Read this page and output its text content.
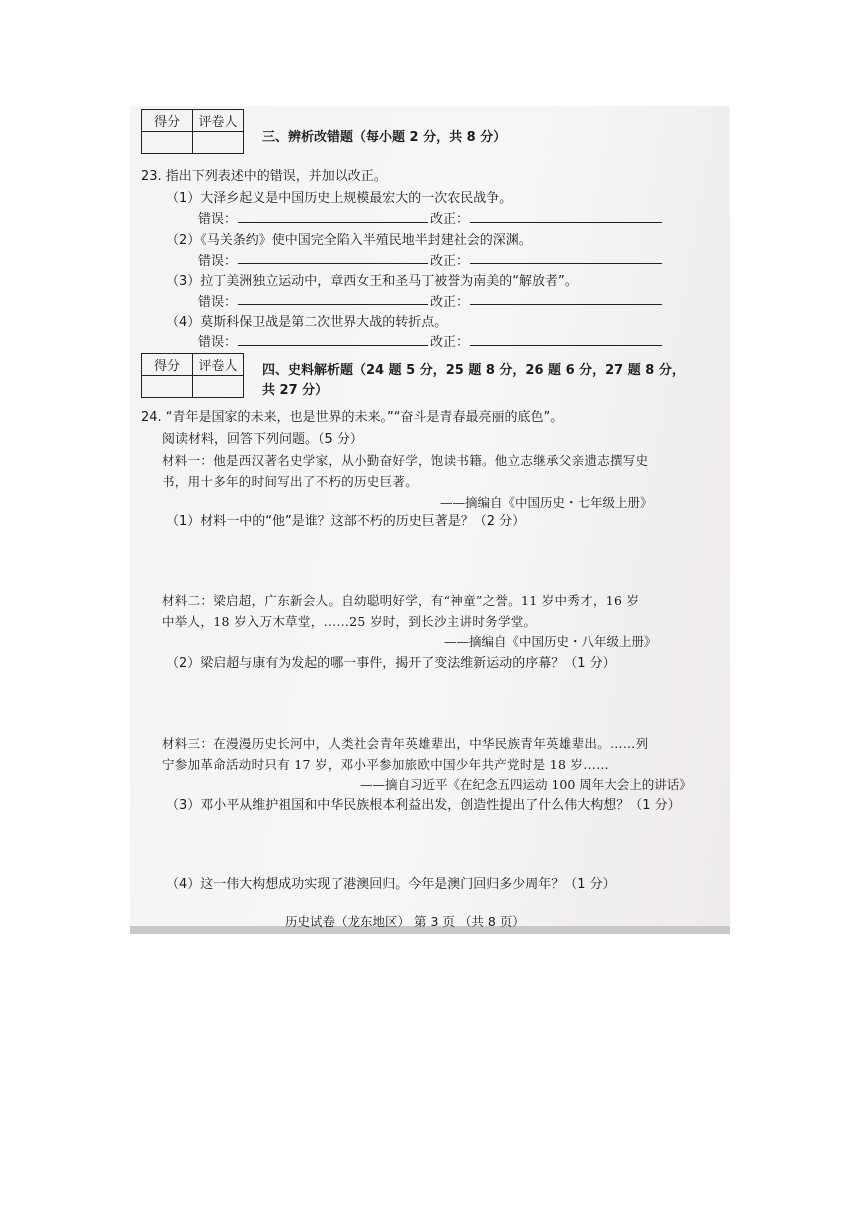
得分	评卷人

三、辨析改错题（每小题 2 分，共 8 分）
23. 指出下列表述中的错误，并加以改正。
（1）大泽乡起义是中国历史上规模最宏大的一次农民战争。
错误：	改正：
（2）《马关条约》使中国完全陷入半殖民地半封建社会的深渊。
错误：	改正：
（3）拉丁美洲独立运动中，章西女王和圣马丁被誉为南美的“解放者”。
错误：	改正：
（4）莫斯科保卫战是第二次世界大战的转折点。
错误：	改正：
得分	评卷人
	四、史料解析题（24 题 5 分，25 题 8 分，26 题 6 分，27 题 8 分，
共 27 分）
24. “青年是国家的未来，也是世界的未来。”“奋斗是青春最亮丽的底色”。
阅读材料，回答下列问题。（5 分）
材料一：他是西汉著名史学家，从小勤奋好学，饱读书籍。他立志继承父亲遗志撰写史
书，用十多年的时间写出了不朽的历史巨著。
——摘编自《中国历史・七年级上册》
（1）材料一中的“他”是谁？这部不朽的历史巨著是？（2 分）
材料二：梁启超，广东新会人。自幼聪明好学，有“神童”之誉。11 岁中秀才，16 岁
中举人，18 岁入万木草堂，……25 岁时，到长沙主讲时务学堂。
——摘编自《中国历史・八年级上册》
（2）梁启超与康有为发起的哪一事件，揭开了变法维新运动的序幕？（1 分）
材料三：在漫漫历史长河中，人类社会青年英雄辈出，中华民族青年英雄辈出。……列
宁参加革命活动时只有 17 岁，邓小平参加旅欧中国少年共产党时是 18 岁……
——摘自习近平《在纪念五四运动 100 周年大会上的讲话》
（3）邓小平从维护祖国和中华民族根本利益出发，创造性提出了什么伟大构想？（1 分）
（4）这一伟大构想成功实现了港澳回归。今年是澳门回归多少周年？（1 分）
历史试卷（龙东地区） 第 3 页 （共 8 页）
